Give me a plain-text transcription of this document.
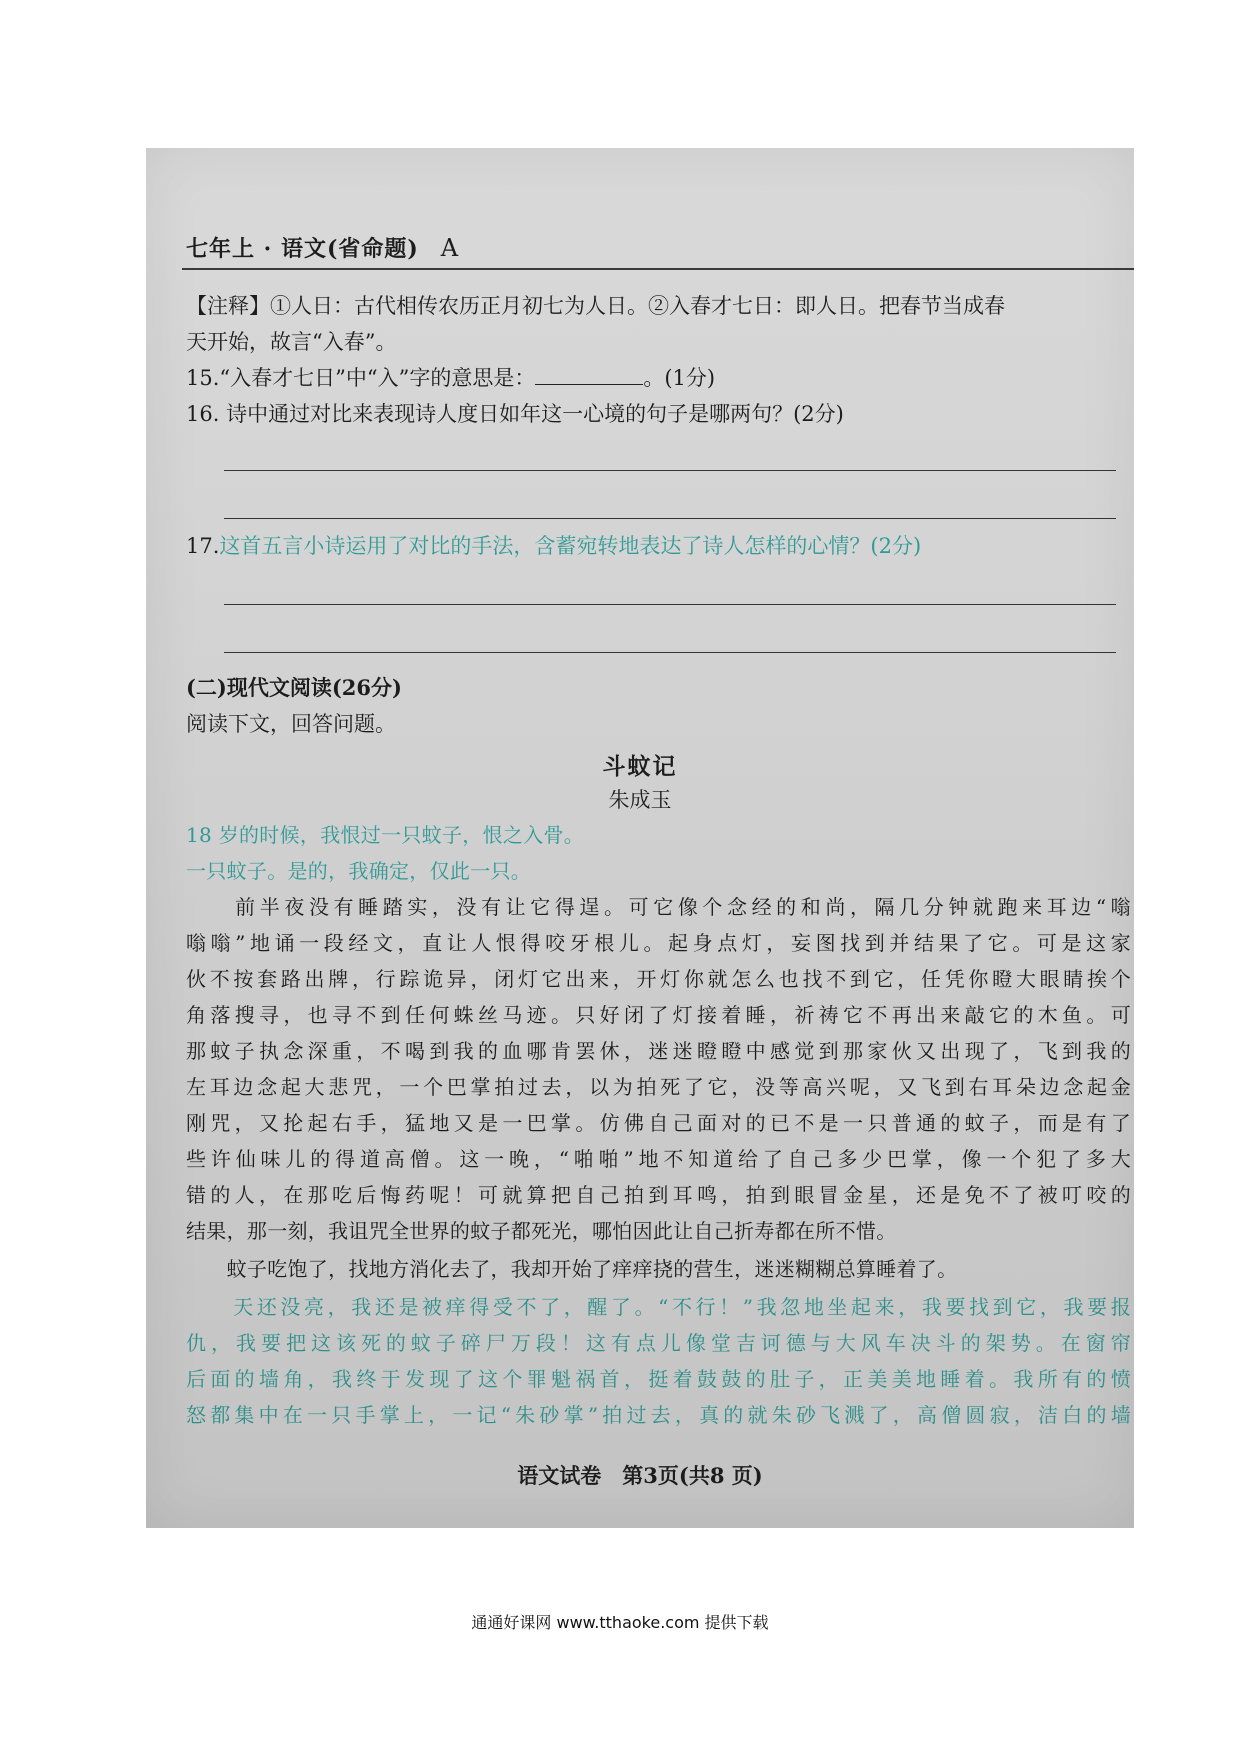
七年上 · 语文(省命题) A
【注释】①人日：古代相传农历正月初七为人日。②入春才七日：即人日。把春节当成春
天开始，故言“入春”。
15.“入春才七日”中“入”字的意思是：	。(1分)
16. 诗中通过对比来表现诗人度日如年这一心境的句子是哪两句？(2分)
17.这首五言小诗运用了对比的手法，含蓄宛转地表达了诗人怎样的心情？(2分)
(二)现代文阅读(26分)
阅读下文，回答问题。
斗蚊记
朱成玉
18 岁的时候，我恨过一只蚊子，恨之入骨。
一只蚊子。是的，我确定，仅此一只。
　　前半夜没有睡踏实，没有让它得逞。可它像个念经的和尚，隔几分钟就跑来耳边“嗡
嗡嗡”地诵一段经文，直让人恨得咬牙根儿。起身点灯，妄图找到并结果了它。可是这家
伙不按套路出牌，行踪诡异，闭灯它出来，开灯你就怎么也找不到它，任凭你瞪大眼睛挨个
角落搜寻，也寻不到任何蛛丝马迹。只好闭了灯接着睡，祈祷它不再出来敲它的木鱼。可
那蚊子执念深重，不喝到我的血哪肯罢休，迷迷瞪瞪中感觉到那家伙又出现了，飞到我的
左耳边念起大悲咒，一个巴掌拍过去，以为拍死了它，没等高兴呢，又飞到右耳朵边念起金
刚咒，又抡起右手，猛地又是一巴掌。仿佛自己面对的已不是一只普通的蚊子，而是有了
些许仙味儿的得道高僧。这一晚，“啪啪”地不知道给了自己多少巴掌，像一个犯了多大
错的人，在那吃后悔药呢！可就算把自己拍到耳鸣，拍到眼冒金星，还是免不了被叮咬的
结果，那一刻，我诅咒全世界的蚊子都死光，哪怕因此让自己折寿都在所不惜。
　　蚊子吃饱了，找地方消化去了，我却开始了痒痒挠的营生，迷迷糊糊总算睡着了。
　　天还没亮，我还是被痒得受不了，醒了。“不行！”我忽地坐起来，我要找到它，我要报
仇，我要把这该死的蚊子碎尸万段！这有点儿像堂吉诃德与大风车决斗的架势。在窗帘
后面的墙角，我终于发现了这个罪魁祸首，挺着鼓鼓的肚子，正美美地睡着。我所有的愤
怒都集中在一只手掌上，一记“朱砂掌”拍过去，真的就朱砂飞溅了，高僧圆寂，洁白的墙
语文试卷　第3页(共8 页)
通通好课网 www.tthaoke.com 提供下载
